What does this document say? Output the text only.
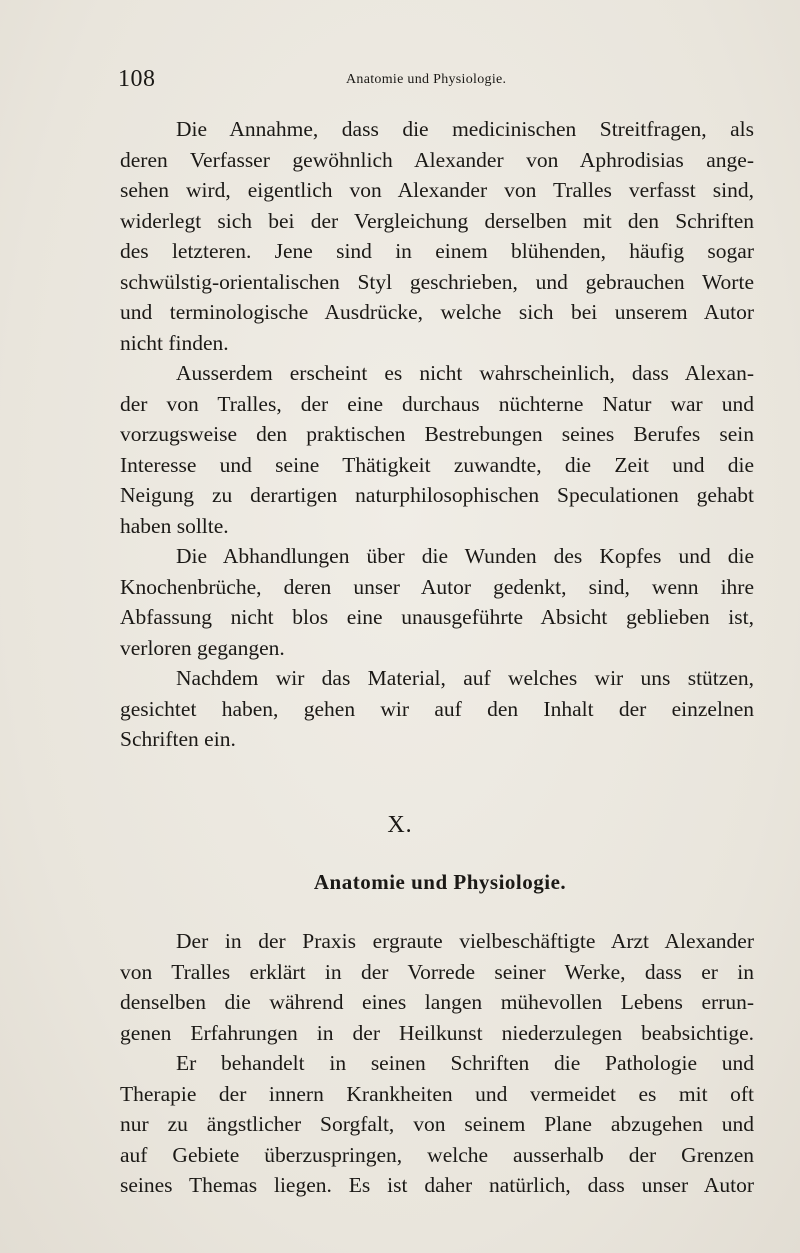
108	Anatomie und Physiologie.
Die Annahme, dass die medicinischen Streitfragen, als
deren Verfasser gewöhnlich Alexander von Aphrodisias ange-
sehen wird, eigentlich von Alexander von Tralles verfasst sind,
widerlegt sich bei der Vergleichung derselben mit den Schriften
des letzteren. Jene sind in einem blühenden, häufig sogar
schwülstig-orientalischen Styl geschrieben, und gebrauchen Worte
und terminologische Ausdrücke, welche sich bei unserem Autor
nicht finden.
Ausserdem erscheint es nicht wahrscheinlich, dass Alexan-
der von Tralles, der eine durchaus nüchterne Natur war und
vorzugsweise den praktischen Bestrebungen seines Berufes sein
Interesse und seine Thätigkeit zuwandte, die Zeit und die
Neigung zu derartigen naturphilosophischen Speculationen gehabt
haben sollte.
Die Abhandlungen über die Wunden des Kopfes und die
Knochenbrüche, deren unser Autor gedenkt, sind, wenn ihre
Abfassung nicht blos eine unausgeführte Absicht geblieben ist,
verloren gegangen.
Nachdem wir das Material, auf welches wir uns stützen,
gesichtet haben, gehen wir auf den Inhalt der einzelnen
Schriften ein.
X.
Anatomie und Physiologie.
Der in der Praxis ergraute vielbeschäftigte Arzt Alexander
von Tralles erklärt in der Vorrede seiner Werke, dass er in
denselben die während eines langen mühevollen Lebens errun-
genen Erfahrungen in der Heilkunst niederzulegen beabsichtige.
Er behandelt in seinen Schriften die Pathologie und
Therapie der innern Krankheiten und vermeidet es mit oft
nur zu ängstlicher Sorgfalt, von seinem Plane abzugehen und
auf Gebiete überzuspringen, welche ausserhalb der Grenzen
seines Themas liegen. Es ist daher natürlich, dass unser Autor
